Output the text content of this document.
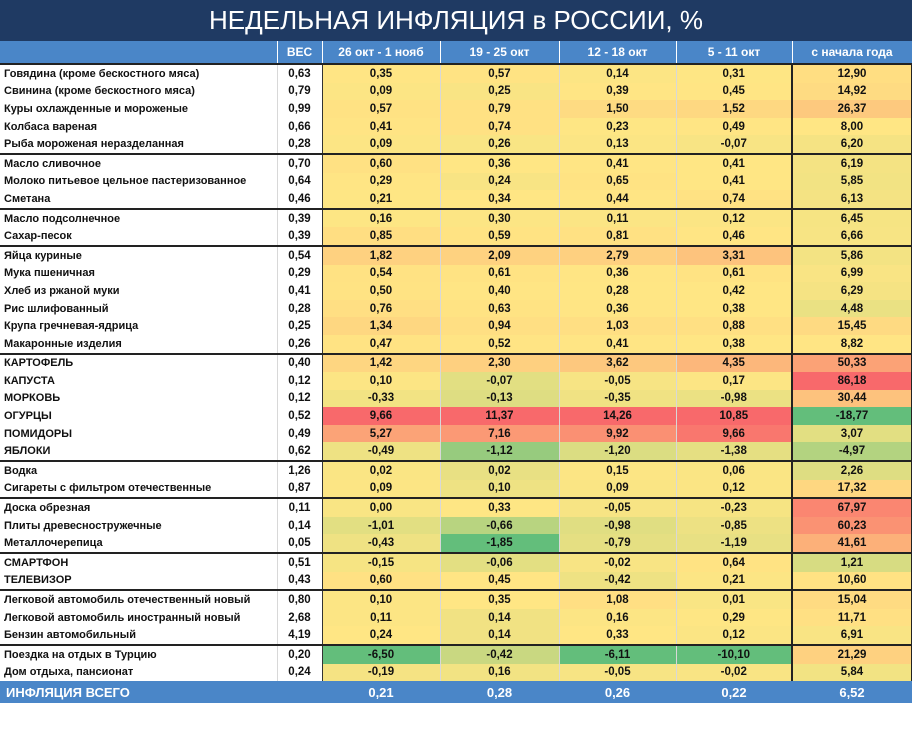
НЕДЕЛЬНАЯ ИНФЛЯЦИЯ в РОССИИ, %
	ВЕС	26 окт - 1 нояб	19 - 25 окт	12 - 18 окт	5 - 11 окт	с начала года
Говядина (кроме бескостного мяса)	0,63	0,35	0,57	0,14	0,31	12,90
Свинина (кроме бескостного мяса)	0,79	0,09	0,25	0,39	0,45	14,92
Куры охлажденные и мороженые	0,99	0,57	0,79	1,50	1,52	26,37
Колбаса вареная	0,66	0,41	0,74	0,23	0,49	8,00
Рыба мороженая неразделанная	0,28	0,09	0,26	0,13	-0,07	6,20
Масло сливочное	0,70	0,60	0,36	0,41	0,41	6,19
Молоко питьевое цельное пастеризованное	0,64	0,29	0,24	0,65	0,41	5,85
Сметана	0,46	0,21	0,34	0,44	0,74	6,13
Масло подсолнечное	0,39	0,16	0,30	0,11	0,12	6,45
Сахар-песок	0,39	0,85	0,59	0,81	0,46	6,66
Яйца куриные	0,54	1,82	2,09	2,79	3,31	5,86
Мука пшеничная	0,29	0,54	0,61	0,36	0,61	6,99
Хлеб из ржаной муки	0,41	0,50	0,40	0,28	0,42	6,29
Рис шлифованный	0,28	0,76	0,63	0,36	0,38	4,48
Крупа гречневая-ядрица	0,25	1,34	0,94	1,03	0,88	15,45
Макаронные изделия	0,26	0,47	0,52	0,41	0,38	8,82
КАРТОФЕЛЬ	0,40	1,42	2,30	3,62	4,35	50,33
КАПУСТА	0,12	0,10	-0,07	-0,05	0,17	86,18
МОРКОВЬ	0,12	-0,33	-0,13	-0,35	-0,98	30,44
ОГУРЦЫ	0,52	9,66	11,37	14,26	10,85	-18,77
ПОМИДОРЫ	0,49	5,27	7,16	9,92	9,66	3,07
ЯБЛОКИ	0,62	-0,49	-1,12	-1,20	-1,38	-4,97
Водка	1,26	0,02	0,02	0,15	0,06	2,26
Сигареты с фильтром отечественные	0,87	0,09	0,10	0,09	0,12	17,32
Доска обрезная	0,11	0,00	0,33	-0,05	-0,23	67,97
Плиты древесностружечные	0,14	-1,01	-0,66	-0,98	-0,85	60,23
Металлочерепица	0,05	-0,43	-1,85	-0,79	-1,19	41,61
СМАРТФОН	0,51	-0,15	-0,06	-0,02	0,64	1,21
ТЕЛЕВИЗОР	0,43	0,60	0,45	-0,42	0,21	10,60
Легковой автомобиль отечественный новый	0,80	0,10	0,35	1,08	0,01	15,04
Легковой автомобиль иностранный новый	2,68	0,11	0,14	0,16	0,29	11,71
Бензин автомобильный	4,19	0,24	0,14	0,33	0,12	6,91
Поездка на отдых в Турцию	0,20	-6,50	-0,42	-6,11	-10,10	21,29
Дом отдыха, пансионат	0,24	-0,19	0,16	-0,05	-0,02	5,84
ИНФЛЯЦИЯ ВСЕГО		0,21	0,28	0,26	0,22	6,52
